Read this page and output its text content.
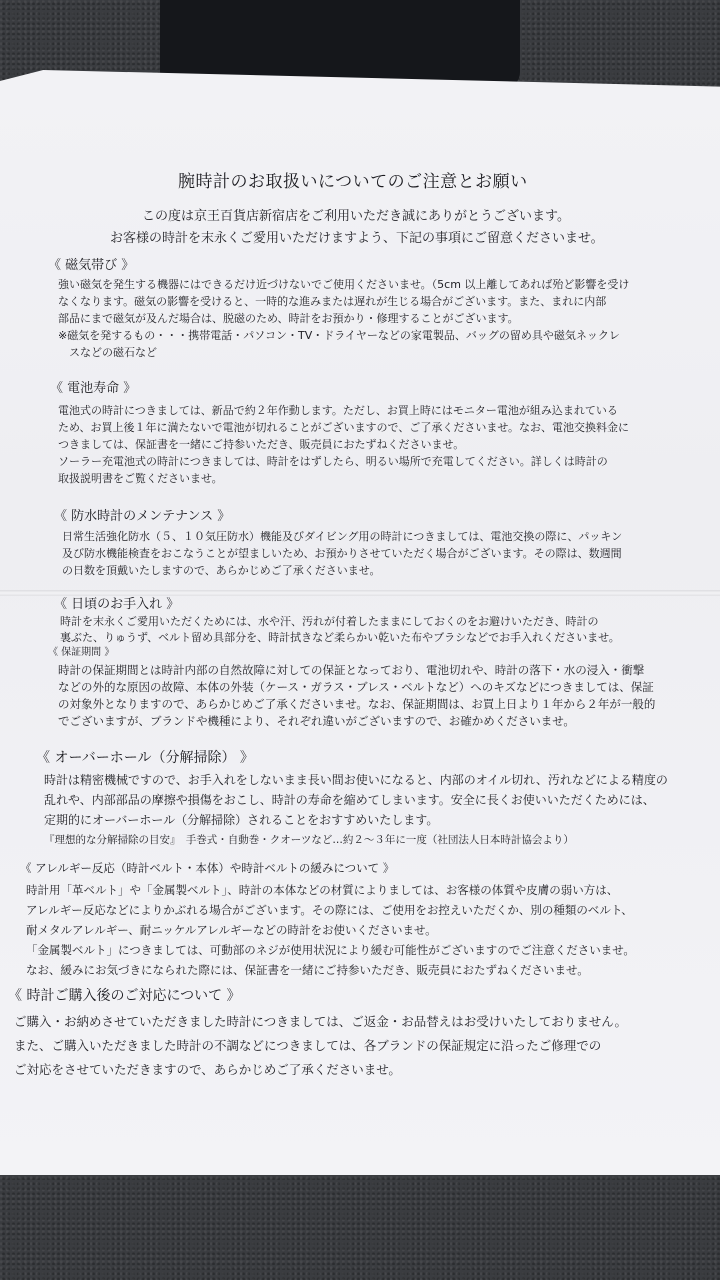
腕時計のお取扱いについてのご注意とお願い
この度は京王百貨店新宿店をご利用いただき誠にありがとうございます。
お客様の時計を末永くご愛用いただけますよう、下記の事項にご留意くださいませ。
《 磁気帯び 》
強い磁気を発生する機器にはできるだけ近づけないでご使用くださいませ。（5cm 以上離してあれば殆ど影響を受け
なくなります。磁気の影響を受けると、一時的な進みまたは遅れが生じる場合がございます。また、まれに内部
部品にまで磁気が及んだ場合は、脱磁のため、時計をお預かり・修理することがございます。
※磁気を発するもの・・・携帯電話・パソコン・TV・ドライヤーなどの家電製品、バッグの留め具や磁気ネックレ
　スなどの磁石など
《 電池寿命 》
電池式の時計につきましては、新品で約２年作動します。ただし、お買上時にはモニター電池が組み込まれている
ため、お買上後１年に満たないで電池が切れることがございますので、ご了承くださいませ。なお、電池交換料金に
つきましては、保証書を一緒にご持参いただき、販売員におたずねくださいませ。
ソーラー充電池式の時計につきましては、時計をはずしたら、明るい場所で充電してください。詳しくは時計の
取扱説明書をご覧くださいませ。
《 防水時計のメンテナンス 》
日常生活強化防水（５、１０気圧防水）機能及びダイビング用の時計につきましては、電池交換の際に、パッキン
及び防水機能検査をおこなうことが望ましいため、お預かりさせていただく場合がございます。その際は、数週間
の日数を頂戴いたしますので、あらかじめご了承くださいませ。
《 日頃のお手入れ 》
時計を末永くご愛用いただくためには、水や汗、汚れが付着したままにしておくのをお避けいただき、時計の
裏ぶた、りゅうず、ベルト留め具部分を、時計拭きなど柔らかい乾いた布やブラシなどでお手入れくださいませ。
《 保証期間 》
時計の保証期間とは時計内部の自然故障に対しての保証となっており、電池切れや、時計の落下・水の浸入・衝撃
などの外的な原因の故障、本体の外装（ケース・ガラス・ブレス・ベルトなど）へのキズなどにつきましては、保証
の対象外となりますので、あらかじめご了承くださいませ。なお、保証期間は、お買上日より１年から２年が一般的
でございますが、ブランドや機種により、それぞれ違いがございますので、お確かめくださいませ。
《 オーバーホール（分解掃除） 》
時計は精密機械ですので、お手入れをしないまま長い間お使いになると、内部のオイル切れ、汚れなどによる精度の
乱れや、内部部品の摩擦や損傷をおこし、時計の寿命を縮めてしまいます。安全に長くお使いいただくためには、
定期的にオーバーホール（分解掃除）されることをおすすめいたします。
『理想的な分解掃除の目安』　手巻式・自動巻・クオーツなど…約２～３年に一度（社団法人日本時計協会より）
《 アレルギー反応（時計ベルト・本体）や時計ベルトの緩みについて 》
時計用「革ベルト」や「金属製ベルト」、時計の本体などの材質によりましては、お客様の体質や皮膚の弱い方は、
アレルギー反応などによりかぶれる場合がございます。その際には、ご使用をお控えいただくか、別の種類のベルト、
耐メタルアレルギー、耐ニッケルアレルギーなどの時計をお使いくださいませ。
「金属製ベルト」につきましては、可動部のネジが使用状況により緩む可能性がございますのでご注意くださいませ。
なお、緩みにお気づきになられた際には、保証書を一緒にご持参いただき、販売員におたずねくださいませ。
《 時計ご購入後のご対応について 》
ご購入・お納めさせていただきました時計につきましては、ご返金・お品替えはお受けいたしておりません。
また、ご購入いただきました時計の不調などにつきましては、各ブランドの保証規定に沿ったご修理での
ご対応をさせていただきますので、あらかじめご了承くださいませ。
